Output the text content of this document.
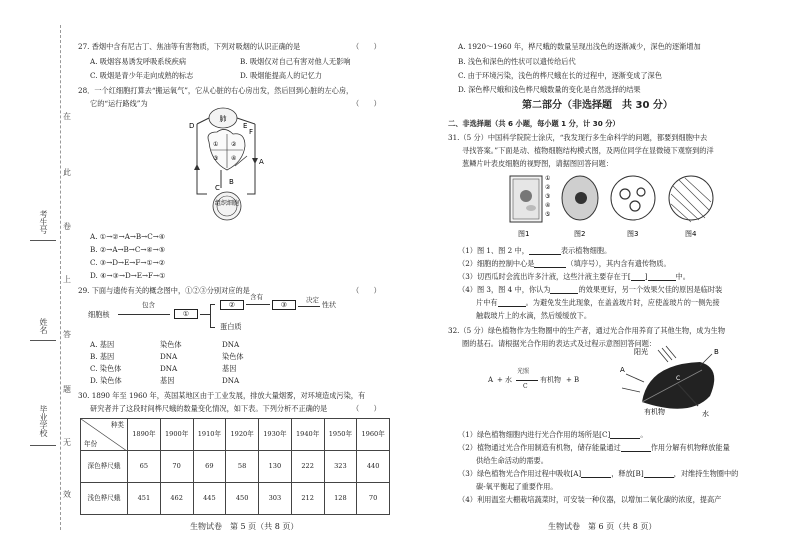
考生号
姓名
毕业学校
在
此
卷
上
答
题
无
效
27. 香烟中含有尼古丁、焦油等有害物质，下列对吸烟的认识正确的是	（　　）
A. 吸烟容易诱发呼吸系统疾病	B. 吸烟仅对自己有害对他人无影响
C. 吸烟是青少年走向成熟的标志	D. 吸烟能提高人的记忆力
28．一个红细胞打算去“搬运氧气”，它从心脏的右心房出发，然后回到心脏的左心房，
它的“运行路线”为	（　　）
肺
组织细胞
D	E
F
A
B
C
① ②
③ ④
A. ①→②→A→B→C→④
B. ②→A→B→C→④→⑤
C. ③→D→E→F→①→②
D. ④→③→D→E→F→①
29. 下面与遗传有关的概念图中，①②③分别对应的是	（　　）
细胞核
包含
①
②
含有
③	决定
性状
蛋白质
A. 基因	染色体	DNA
B. 基因	DNA	染色体
C. 染色体	DNA	基因
D. 染色体	基因	DNA
30. 1890 年至 1960 年，英国某地区由于工业发展，排放大量烟雾，对环境造成污染，有
研究者并了这段时间桦尺蛾的数量变化情况，如下表。下列分析不正确的是	（　　）
种类
年份	1890年	1900年	1910年	1920年	1930年	1940年	1950年	1960年
深色桦尺蛾	65	70	69	58	130	222	323	440
浅色桦尺蛾	451	462	445	450	303	212	128	70
生物试卷　第 5 页（共 8 页）
A. 1920～1960 年，桦尺蛾的数量呈现出浅色的逐渐减少，深色的逐渐增加
B. 浅色和深色的性状可以遗传给后代
C. 由于环境污染，浅色的桦尺蛾在长的过程中，逐渐变成了深色
D. 深色桦尺蛾和浅色桦尺蛾数量的变化是自然选择的结果
第二部分（非选择题　共 30 分）
二、非选择题（共 6 小题，每小题 1 分，计 30 分）
31.（5 分）中国科学院院士涂庆，“我发现行多生命科学的问题，都要到细胞中去
寻找答案。”下面是动、植物细胞结构模式图，及两位同学在显微镜下观察到的洋
葱鳞片叶表皮细胞的视野图，请据图回答问题：
①
②
③
④
⑤
图1	图2	图3	图4
（1）图 1、图 2 中，	表示植物细胞。
（2）细胞的控制中心是	（填序号），其内含有遗传物质。
（3）切西瓜时会流出许多汁液，这些汁液主要存在于[ ]	中。
（4）图 3，图 4 中，你认为	的效果更好，另一个效果欠佳的原因是临时装
片中有	。为避免发生此现象，在盖盖玻片时，应使盖玻片的一侧先接
触载玻片上的水滴，然后缓缓放下。
32.（5 分）绿色植物作为生物圈中的生产者，通过光合作用养育了其他生物，成为生物
圈的基石。请根据光合作用的表达式及过程示意图回答问题：
A + 水
光照
C
有机物 + B
阳光
A
B
有机物	水
C
（1）绿色植物细胞内进行光合作用的场所是[C]	。
（2）植物通过光合作用制造有机物，储存能量通过	作用分解有机物释放能量
供给生命活动的需要。
（3）绿色植物光合作用过程中吸收[A]	，释放[B]	，对维持生物圈中的
碳-氧平衡起了重要作用。
（4）利用温室大棚栽培蔬菜时，可安装一种仪器，以增加二氧化碳的浓度，提高产
生物试卷　第 6 页（共 8 页）
